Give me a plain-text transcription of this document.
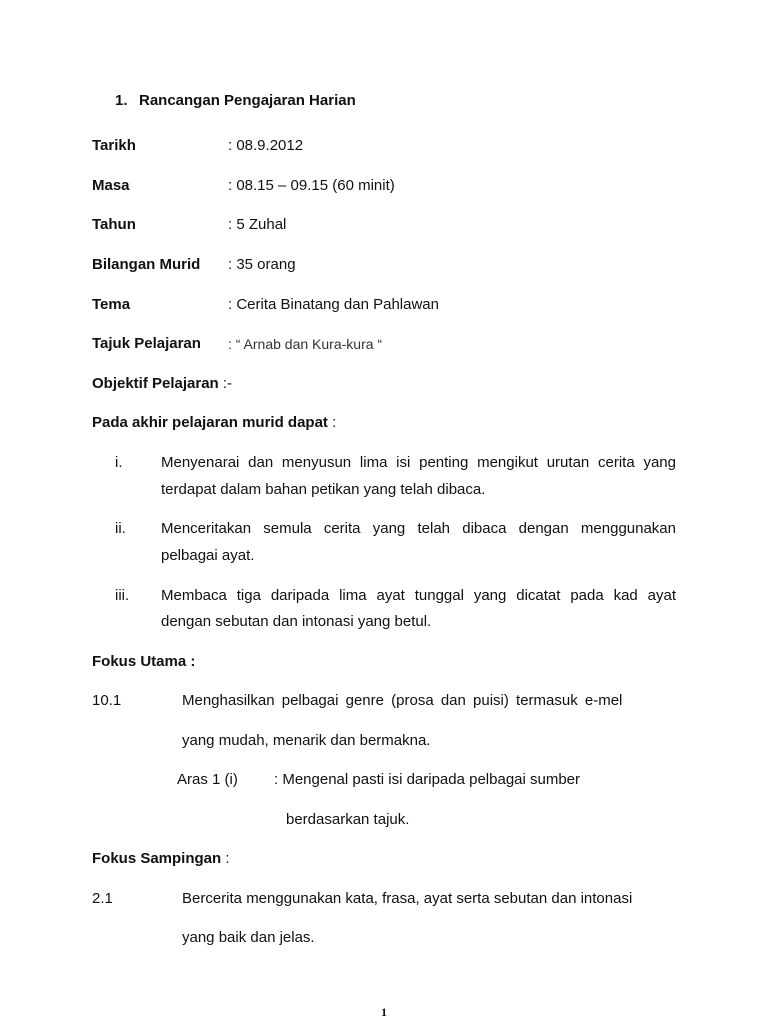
1. Rancangan Pengajaran Harian
Tarikh	: 08.9.2012
Masa	: 08.15 – 09.15 (60 minit)
Tahun	: 5 Zuhal
Bilangan Murid : 35 orang
Tema	: Cerita Binatang dan Pahlawan
Tajuk Pelajaran : “ Arnab dan Kura-kura “
Objektif Pelajaran :-
Pada akhir pelajaran murid dapat :
i.	Menyenarai dan menyusun lima isi penting mengikut urutan cerita yang
terdapat dalam bahan petikan yang telah dibaca.
ii. Menceritakan semula cerita yang telah dibaca dengan menggunakan
pelbagai ayat.
iii. Membaca tiga daripada lima ayat tunggal yang dicatat pada kad ayat
dengan sebutan dan intonasi yang betul.
Fokus Utama :
10.1	Menghasilkan pelbagai genre (prosa dan puisi) termasuk e-mel
yang mudah, menarik dan bermakna.
Aras 1 (i) : Mengenal pasti isi daripada pelbagai sumber
berdasarkan tajuk.
Fokus Sampingan :
2.1	Bercerita menggunakan kata, frasa, ayat serta sebutan dan intonasi
yang baik dan jelas.
1
